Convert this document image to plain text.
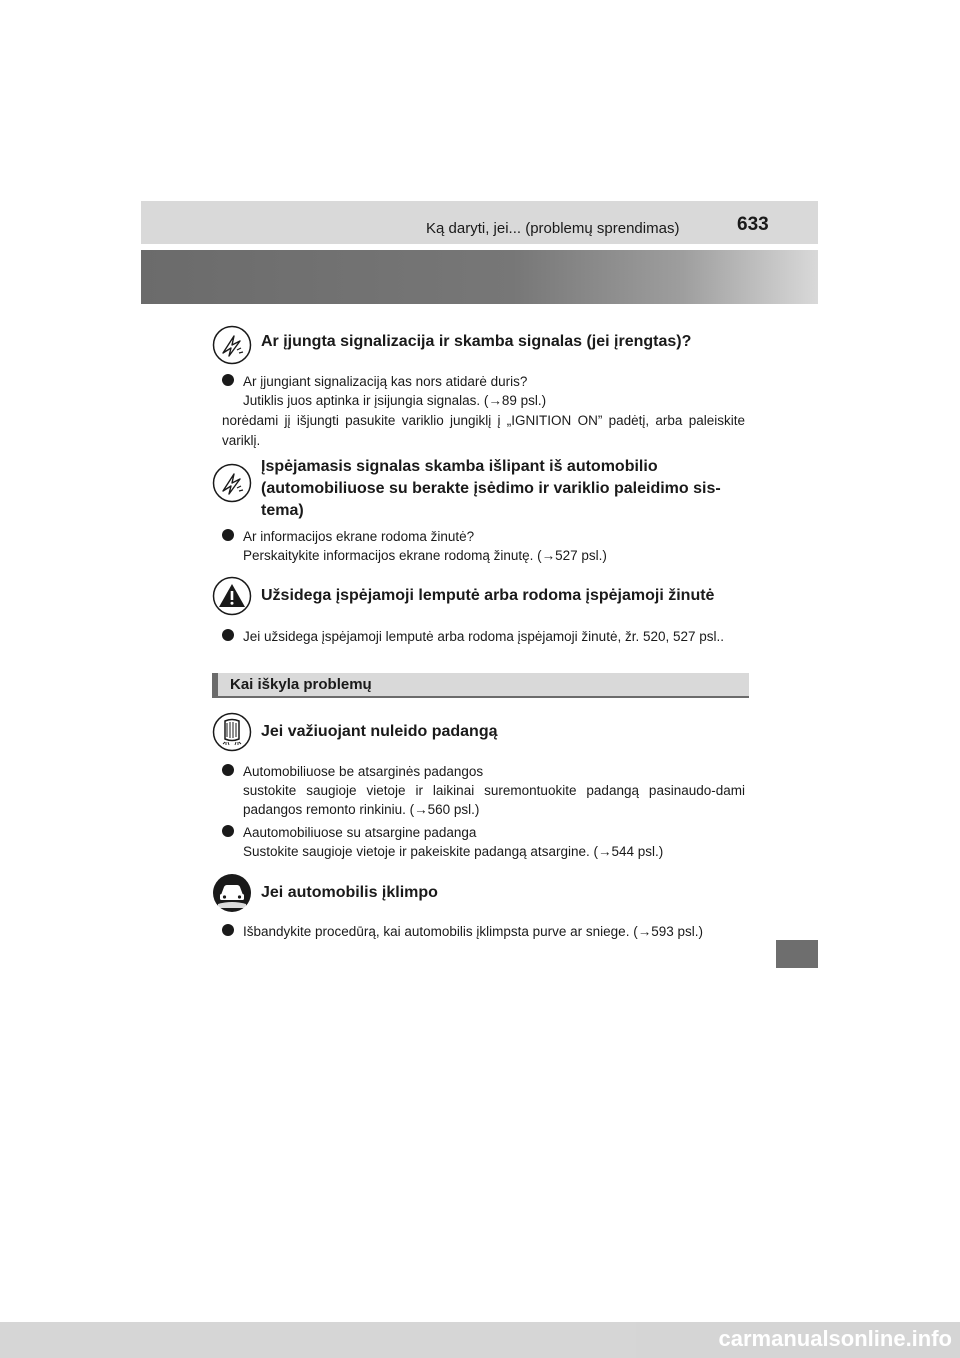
Ką daryti, jei... (problemų sprendimas)	633
Ar įjungta signalizacija ir skamba signalas (jei įrengtas)?
Ar įjungiant signalizaciją kas nors atidarė duris?
Jutiklis juos aptinka ir įsijungia signalas. (→89 psl.)
norėdami jį išjungti pasukite variklio jungiklį į „IGNITION ON” padėtį, arba paleiskite variklį.
Įspėjamasis signalas skamba išlipant iš automobilio (automobiliuose su berakte įsėdimo ir variklio paleidimo sis-tema)
Ar informacijos ekrane rodoma žinutė?
Perskaitykite informacijos ekrane rodomą žinutę. (→527 psl.)
Užsidega įspėjamoji lemputė arba rodoma įspėjamoji žinutė
Jei užsidega įspėjamoji lemputė arba rodoma įspėjamoji žinutė, žr. 520, 527 psl..
Kai iškyla problemų
Jei važiuojant nuleido padangą
Automobiliuose be atsarginės padangos
sustokite saugioje vietoje ir laikinai suremontuokite padangą pasinaudo-dami padangos remonto rinkiniu. (→560 psl.)
Aautomobiliuose su atsargine padanga
Sustokite saugioje vietoje ir pakeiskite padangą atsargine. (→544 psl.)
Jei automobilis įklimpo
Išbandykite procedūrą, kai automobilis įklimpsta purve ar sniege. (→593 psl.)
carmanualsonline.info
